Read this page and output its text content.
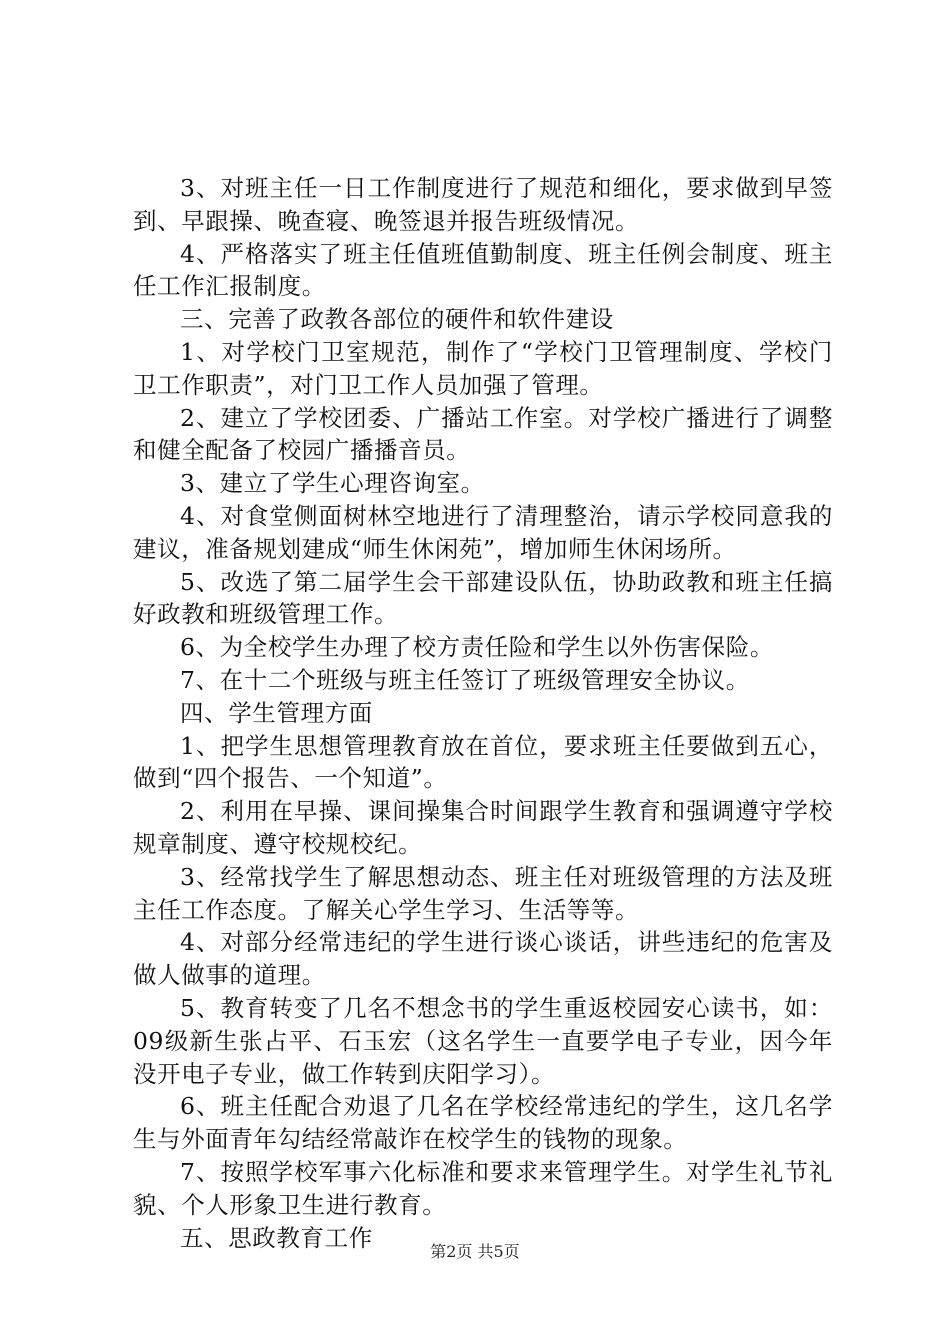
3、对班主任一日工作制度进行了规范和细化，要求做到早签到、早跟操、晚查寝、晚签退并报告班级情况。

4、严格落实了班主任值班值勤制度、班主任例会制度、班主任工作汇报制度。

三、完善了政教各部位的硬件和软件建设

1、对学校门卫室规范，制作了“学校门卫管理制度、学校门卫工作职责”，对门卫工作人员加强了管理。

2、建立了学校团委、广播站工作室。对学校广播进行了调整和健全配备了校园广播播音员。

3、建立了学生心理咨询室。

4、对食堂侧面树林空地进行了清理整治，请示学校同意我的建议，准备规划建成“师生休闲苑”，增加师生休闲场所。

5、改选了第二届学生会干部建设队伍，协助政教和班主任搞好政教和班级管理工作。

6、为全校学生办理了校方责任险和学生以外伤害保险。

7、在十二个班级与班主任签订了班级管理安全协议。

四、学生管理方面

1、把学生思想管理教育放在首位，要求班主任要做到五心，做到“四个报告、一个知道”。

2、利用在早操、课间操集合时间跟学生教育和强调遵守学校规章制度、遵守校规校纪。

3、经常找学生了解思想动态、班主任对班级管理的方法及班主任工作态度。了解关心学生学习、生活等等。

4、对部分经常违纪的学生进行谈心谈话，讲些违纪的危害及做人做事的道理。

5、教育转变了几名不想念书的学生重返校园安心读书，如：09级新生张占平、石玉宏（这名学生一直要学电子专业，因今年没开电子专业，做工作转到庆阳学习）。

6、班主任配合劝退了几名在学校经常违纪的学生，这几名学生与外面青年勾结经常敲诈在校学生的钱物的现象。

7、按照学校军事六化标准和要求来管理学生。对学生礼节礼貌、个人形象卫生进行教育。

五、思政教育工作	第2页 共5页
